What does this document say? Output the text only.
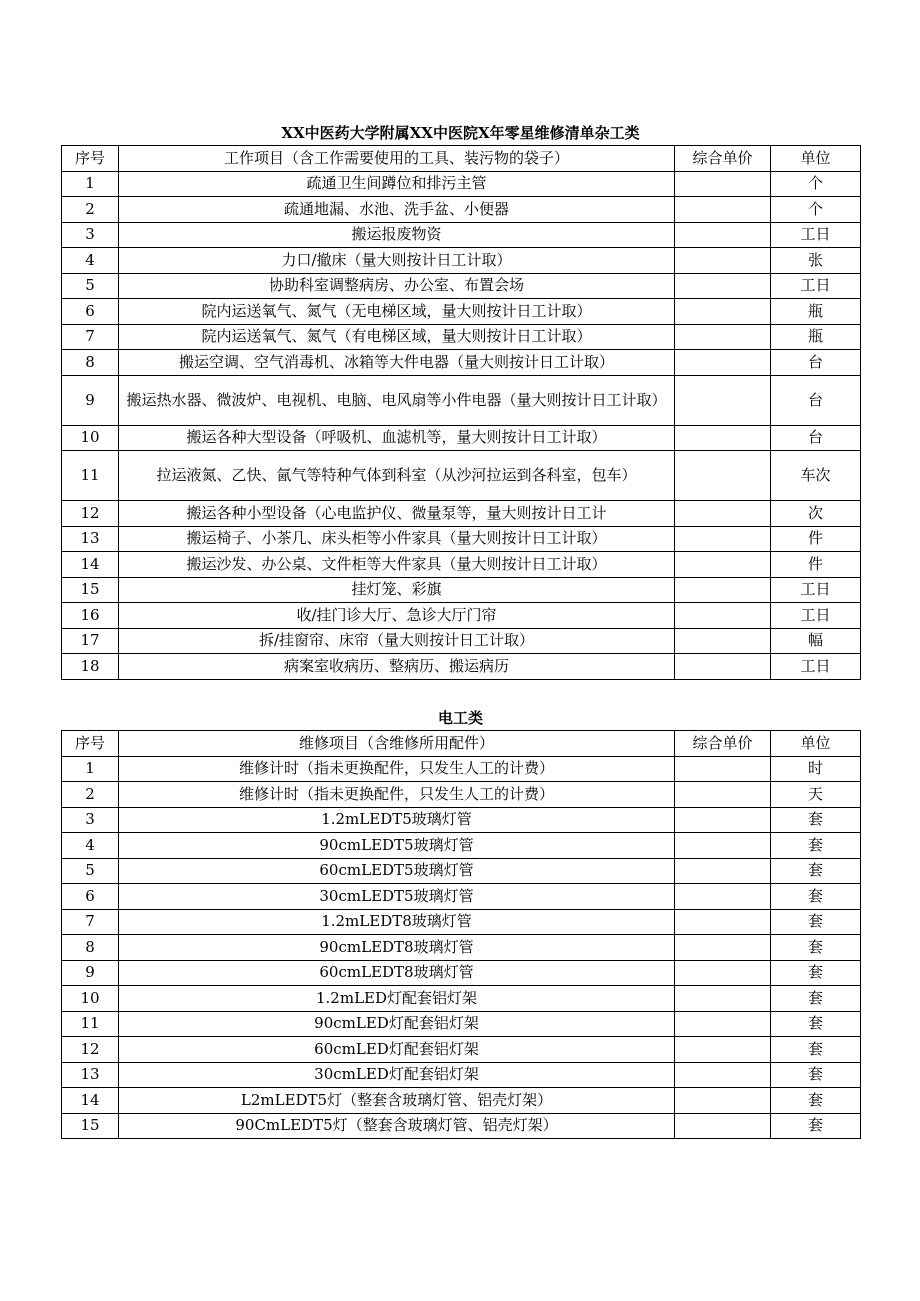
XX中医药大学附属XX中医院X年零星维修清单杂工类
序号	工作项目（含工作需要使用的工具、装污物的袋子）	综合单价	单位
1	疏通卫生间蹲位和排污主管		个
2	疏通地漏、水池、洗手盆、小便器		个
3	搬运报废物资		工日
4	力口/撤床（量大则按计日工计取）		张
5	协助科室调整病房、办公室、布置会场		工日
6	院内运送氧气、氮气（无电梯区域，量大则按计日工计取）		瓶
7	院内运送氧气、氮气（有电梯区域，量大则按计日工计取）		瓶
8	搬运空调、空气消毒机、冰箱等大件电器（量大则按计日工计取）		台
9	搬运热水器、微波炉、电视机、电脑、电风扇等小件电器（量大则按计日工计取）		台
10	搬运各种大型设备（呼吸机、血滤机等，量大则按计日工计取）		台
11	拉运液氮、乙快、氤气等特种气体到科室（从沙河拉运到各科室，包车）		车次
12	搬运各种小型设备（心电监护仪、微量泵等，量大则按计日工计		次
13	搬运椅子、小茶几、床头柜等小件家具（量大则按计日工计取）		件
14	搬运沙发、办公桌、文件柜等大件家具（量大则按计日工计取）		件
15	挂灯笼、彩旗		工日
16	收/挂门诊大厅、急诊大厅门帘		工日
17	拆/挂窗帘、床帘（量大则按计日工计取）		幅
18	病案室收病历、整病历、搬运病历		工日
电工类
序号	维修项目（含维修所用配件）	综合单价	单位
1	维修计时（指未更换配件，只发生人工的计费）		时
2	维修计时（指未更换配件，只发生人工的计费）		天
3	1.2mLEDT5玻璃灯管		套
4	90cmLEDT5玻璃灯管		套
5	60cmLEDT5玻璃灯管		套
6	30cmLEDT5玻璃灯管		套
7	1.2mLEDT8玻璃灯管		套
8	90cmLEDT8玻璃灯管		套
9	60cmLEDT8玻璃灯管		套
10	1.2mLED灯配套铝灯架		套
11	90cmLED灯配套铝灯架		套
12	60cmLED灯配套铝灯架		套
13	30cmLED灯配套铝灯架		套
14	L2mLEDT5灯（整套含玻璃灯管、铝壳灯架）		套
15	90CmLEDT5灯（整套含玻璃灯管、铝壳灯架）		套
